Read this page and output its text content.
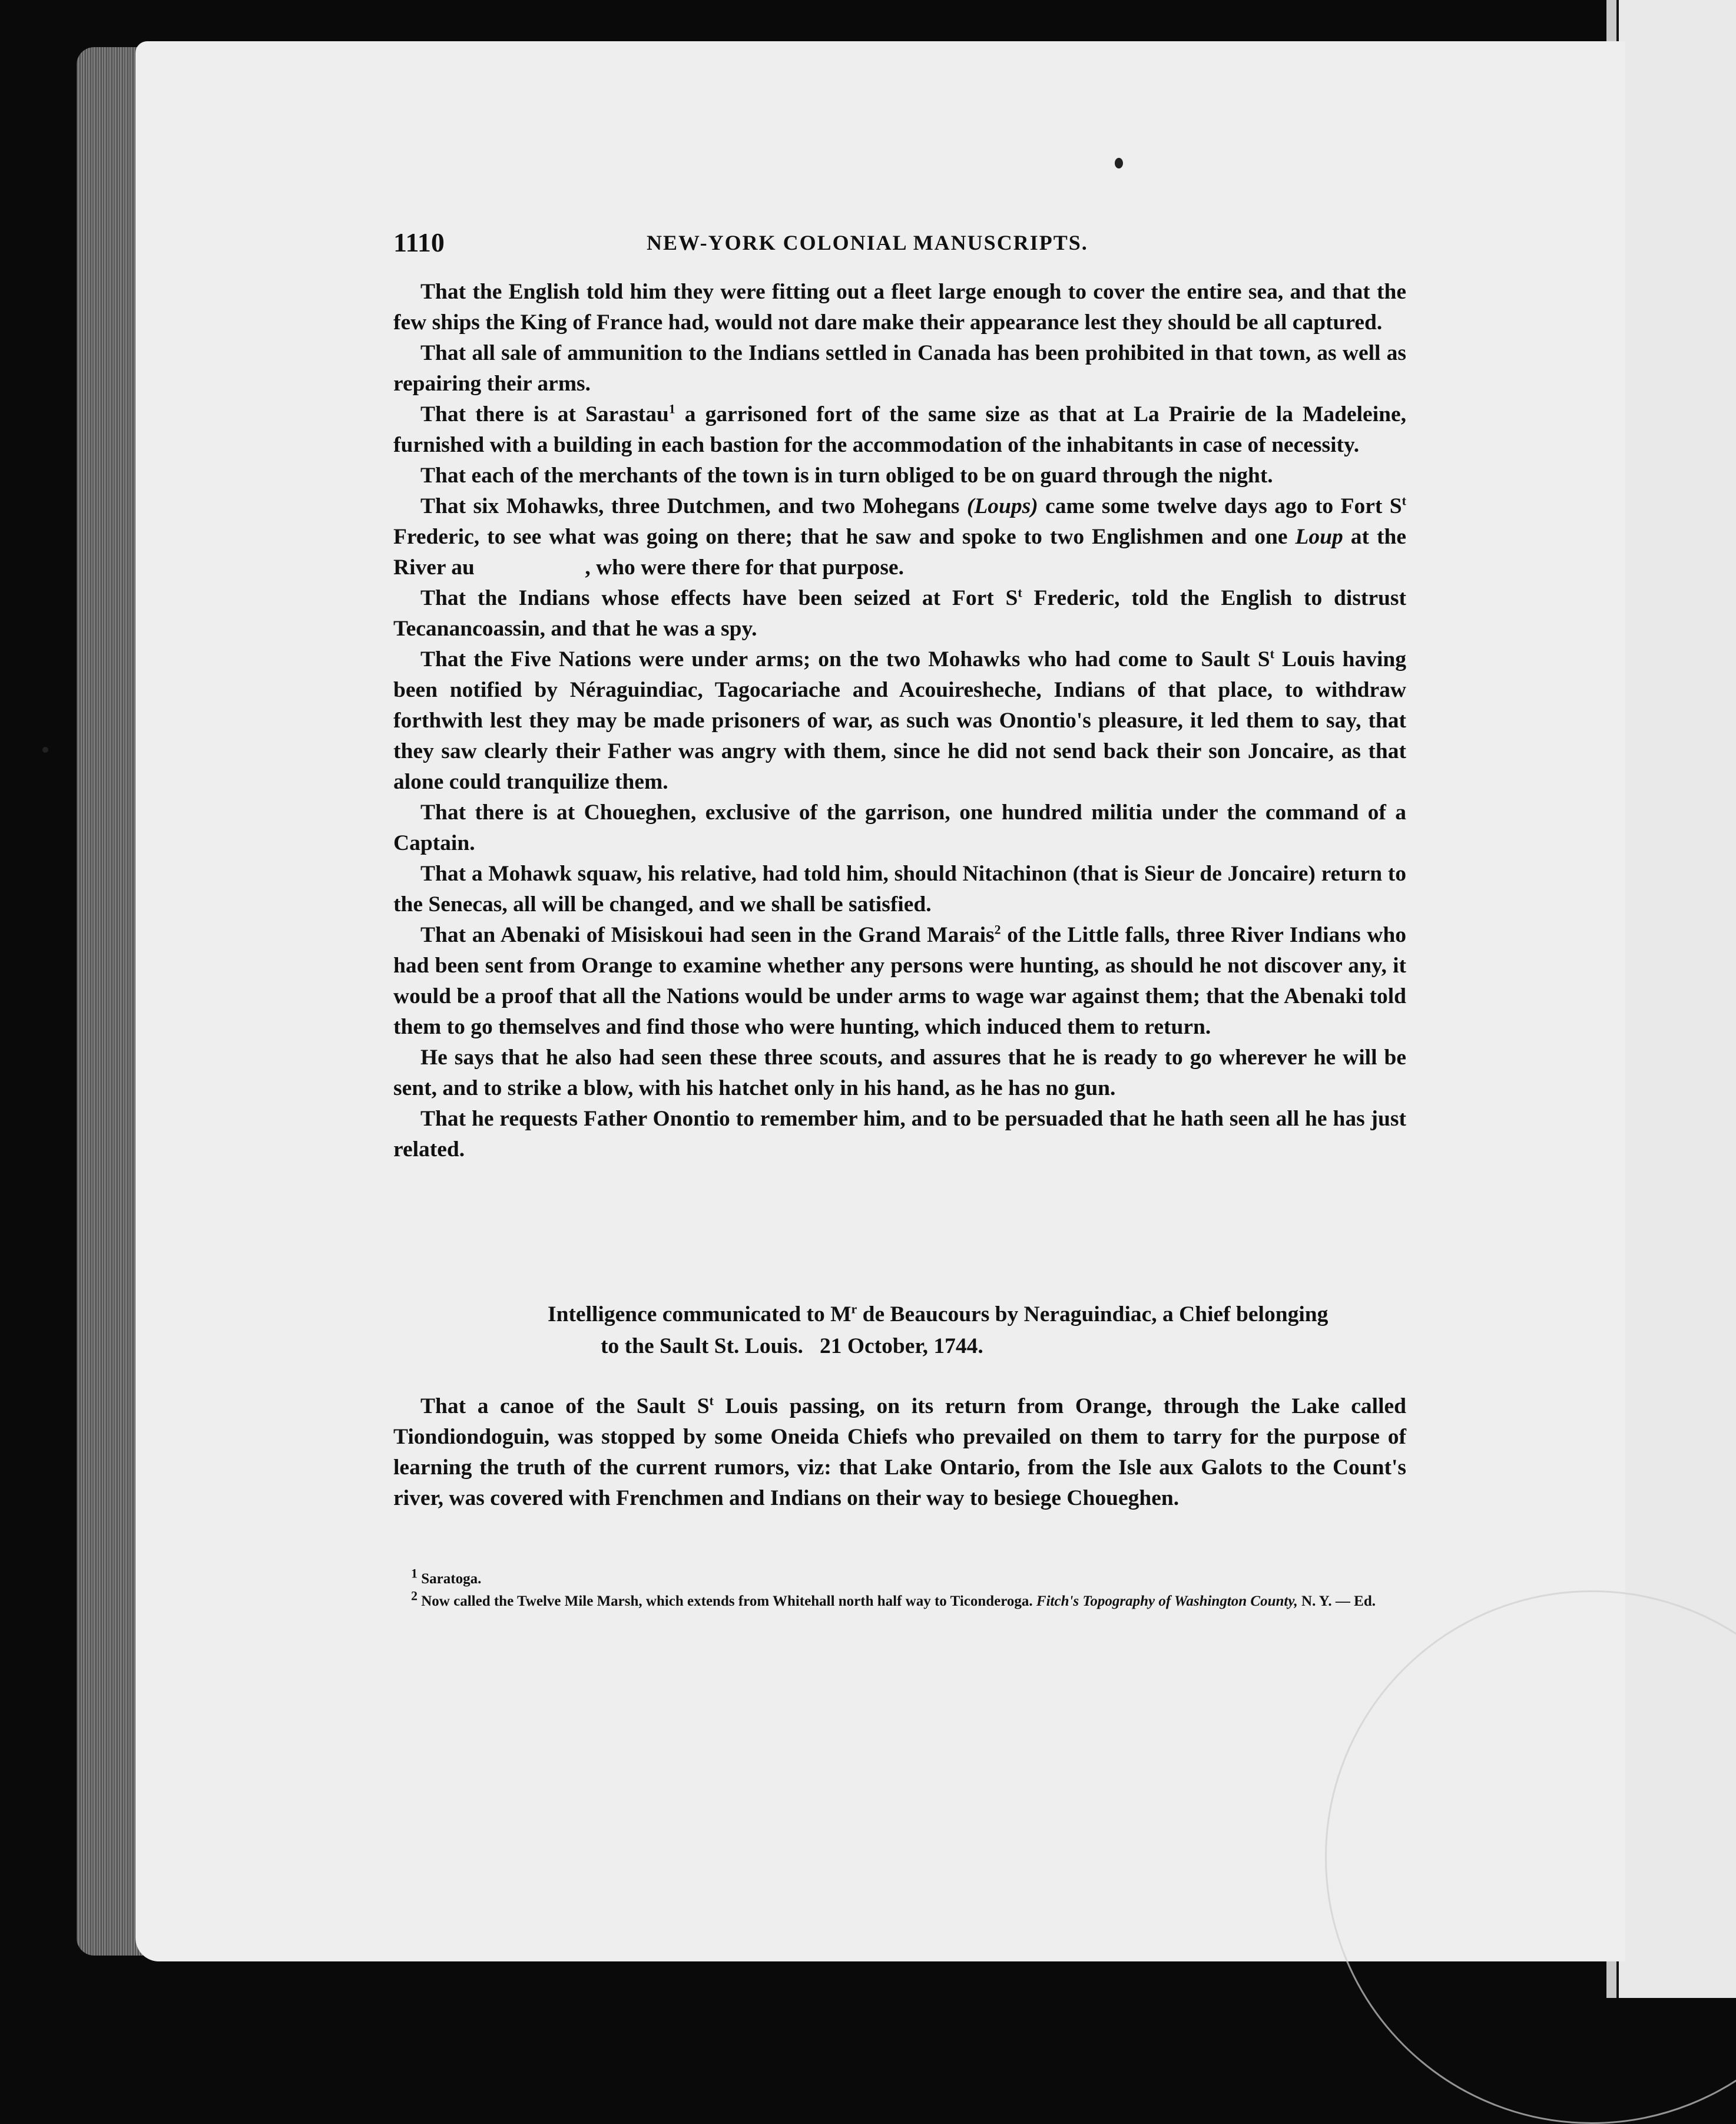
1110	NEW-YORK COLONIAL MANUSCRIPTS.

That the English told him they were fitting out a fleet large enough to cover the entire sea, and that the few ships the King of France had, would not dare make their appearance lest they should be all captured.

That all sale of ammunition to the Indians settled in Canada has been prohibited in that town, as well as repairing their arms.

That there is at Sarastau$^1$ a garrisoned fort of the same size as that at La Prairie de la Madeleine, furnished with a building in each bastion for the accommodation of the inhabitants in case of necessity.

That each of the merchants of the town is in turn obliged to be on guard through the night.

That six Mohawks, three Dutchmen, and two Mohegans (Loups) came some twelve days ago to Fort $S^t$ Frederic, to see what was going on there; that he saw and spoke to two Englishmen and one Loup at the River au                    , who were there for that purpose.

That the Indians whose effects have been seized at Fort $S^t$ Frederic, told the English to distrust Tecanancoassin, and that he was a spy.

That the Five Nations were under arms; on the two Mohawks who had come to Sault $S^t$ Louis having been notified by Néraguindiac, Tagocariache and Acouiresheche, Indians of that place, to withdraw forthwith lest they may be made prisoners of war, as such was Onontio's pleasure, it led them to say, that they saw clearly their Father was angry with them, since he did not send back their son Joncaire, as that alone could tranquilize them.

That there is at Choueghen, exclusive of the garrison, one hundred militia under the command of a Captain.

That a Mohawk squaw, his relative, had told him, should Nitachinon (that is Sieur de Joncaire) return to the Senecas, all will be changed, and we shall be satisfied.

That an Abenaki of Misiskoui had seen in the Grand Marais$^2$ of the Little falls, three River Indians who had been sent from Orange to examine whether any persons were hunting, as should he not discover any, it would be a proof that all the Nations would be under arms to wage war against them; that the Abenaki told them to go themselves and find those who were hunting, which induced them to return.

He says that he also had seen these three scouts, and assures that he is ready to go wherever he will be sent, and to strike a blow, with his hatchet only in his hand, as he has no gun.

That he requests Father Onontio to remember him, and to be persuaded that he hath seen all he has just related.

Intelligence communicated to $M^r$ de Beaucours by Neraguindiac, a Chief belonging
to the Sault St. Louis.   21 October, 1744.

That a canoe of the Sault $S^t$ Louis passing, on its return from Orange, through the Lake called Tiondiondoguin, was stopped by some Oneida Chiefs who prevailed on them to tarry for the purpose of learning the truth of the current rumors, viz: that Lake Ontario, from the Isle aux Galots to the Count's river, was covered with Frenchmen and Indians on their way to besiege Choueghen.

$^1$ Saratoga.

$^2$ Now called the Twelve Mile Marsh, which extends from Whitehall north half way to Ticonderoga. Fitch's Topography of Washington County, N. Y. — Ed.
